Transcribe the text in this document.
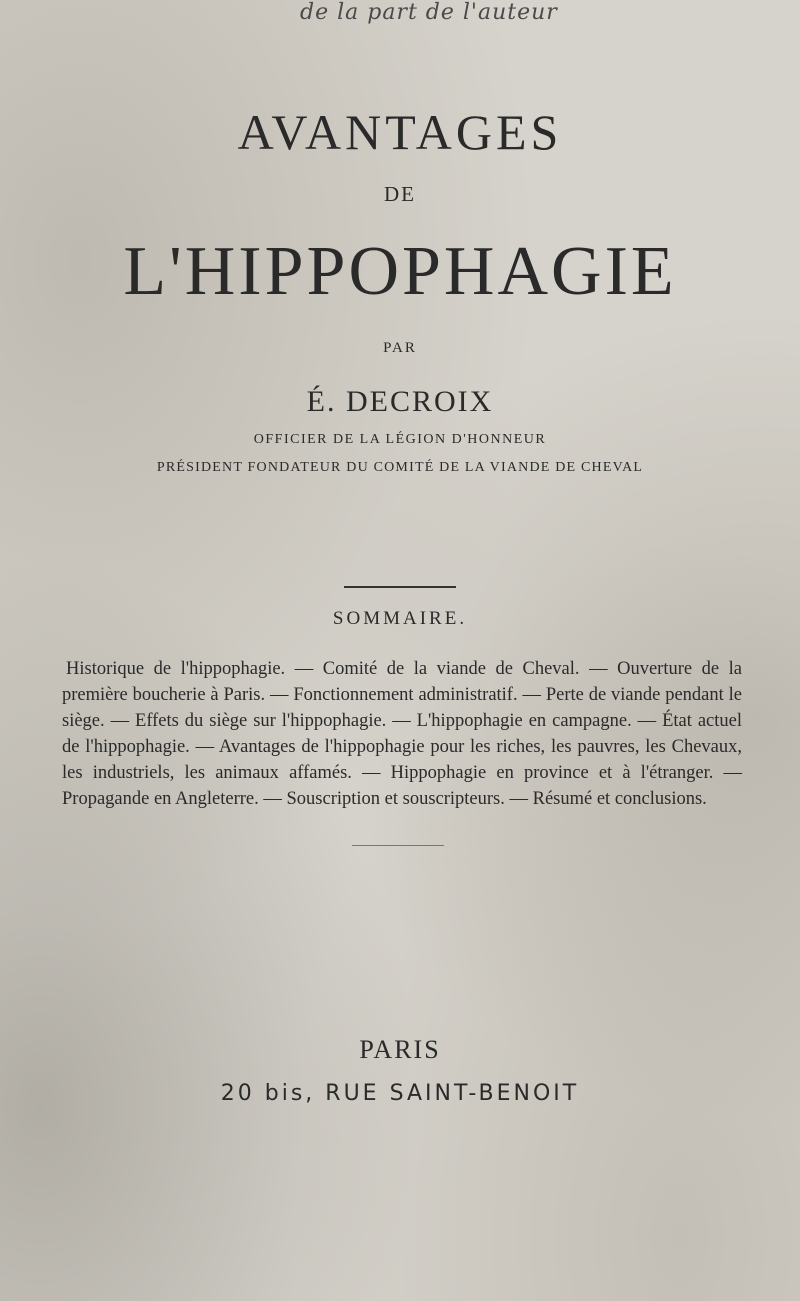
de la part de l'auteur
AVANTAGES
DE
L'HIPPOPHAGIE
PAR
É. DECROIX
OFFICIER DE LA LÉGION D'HONNEUR
PRÉSIDENT FONDATEUR DU COMITÉ DE LA VIANDE DE CHEVAL
SOMMAIRE.
Historique de l'hippophagie. — Comité de la viande de Cheval. — Ouverture de la première boucherie à Paris. — Fonctionnement administratif. — Perte de viande pendant le siège. — Effets du siège sur l'hippophagie. — L'hippophagie en campagne. — État actuel de l'hippophagie. — Avantages de l'hippophagie pour les riches, les pauvres, les Chevaux, les industriels, les animaux affamés. — Hippophagie en province et à l'étranger. — Propagande en Angleterre. — Souscription et souscripteurs. — Résumé et conclusions.
PARIS
20 bis, RUE SAINT-BENOIT
